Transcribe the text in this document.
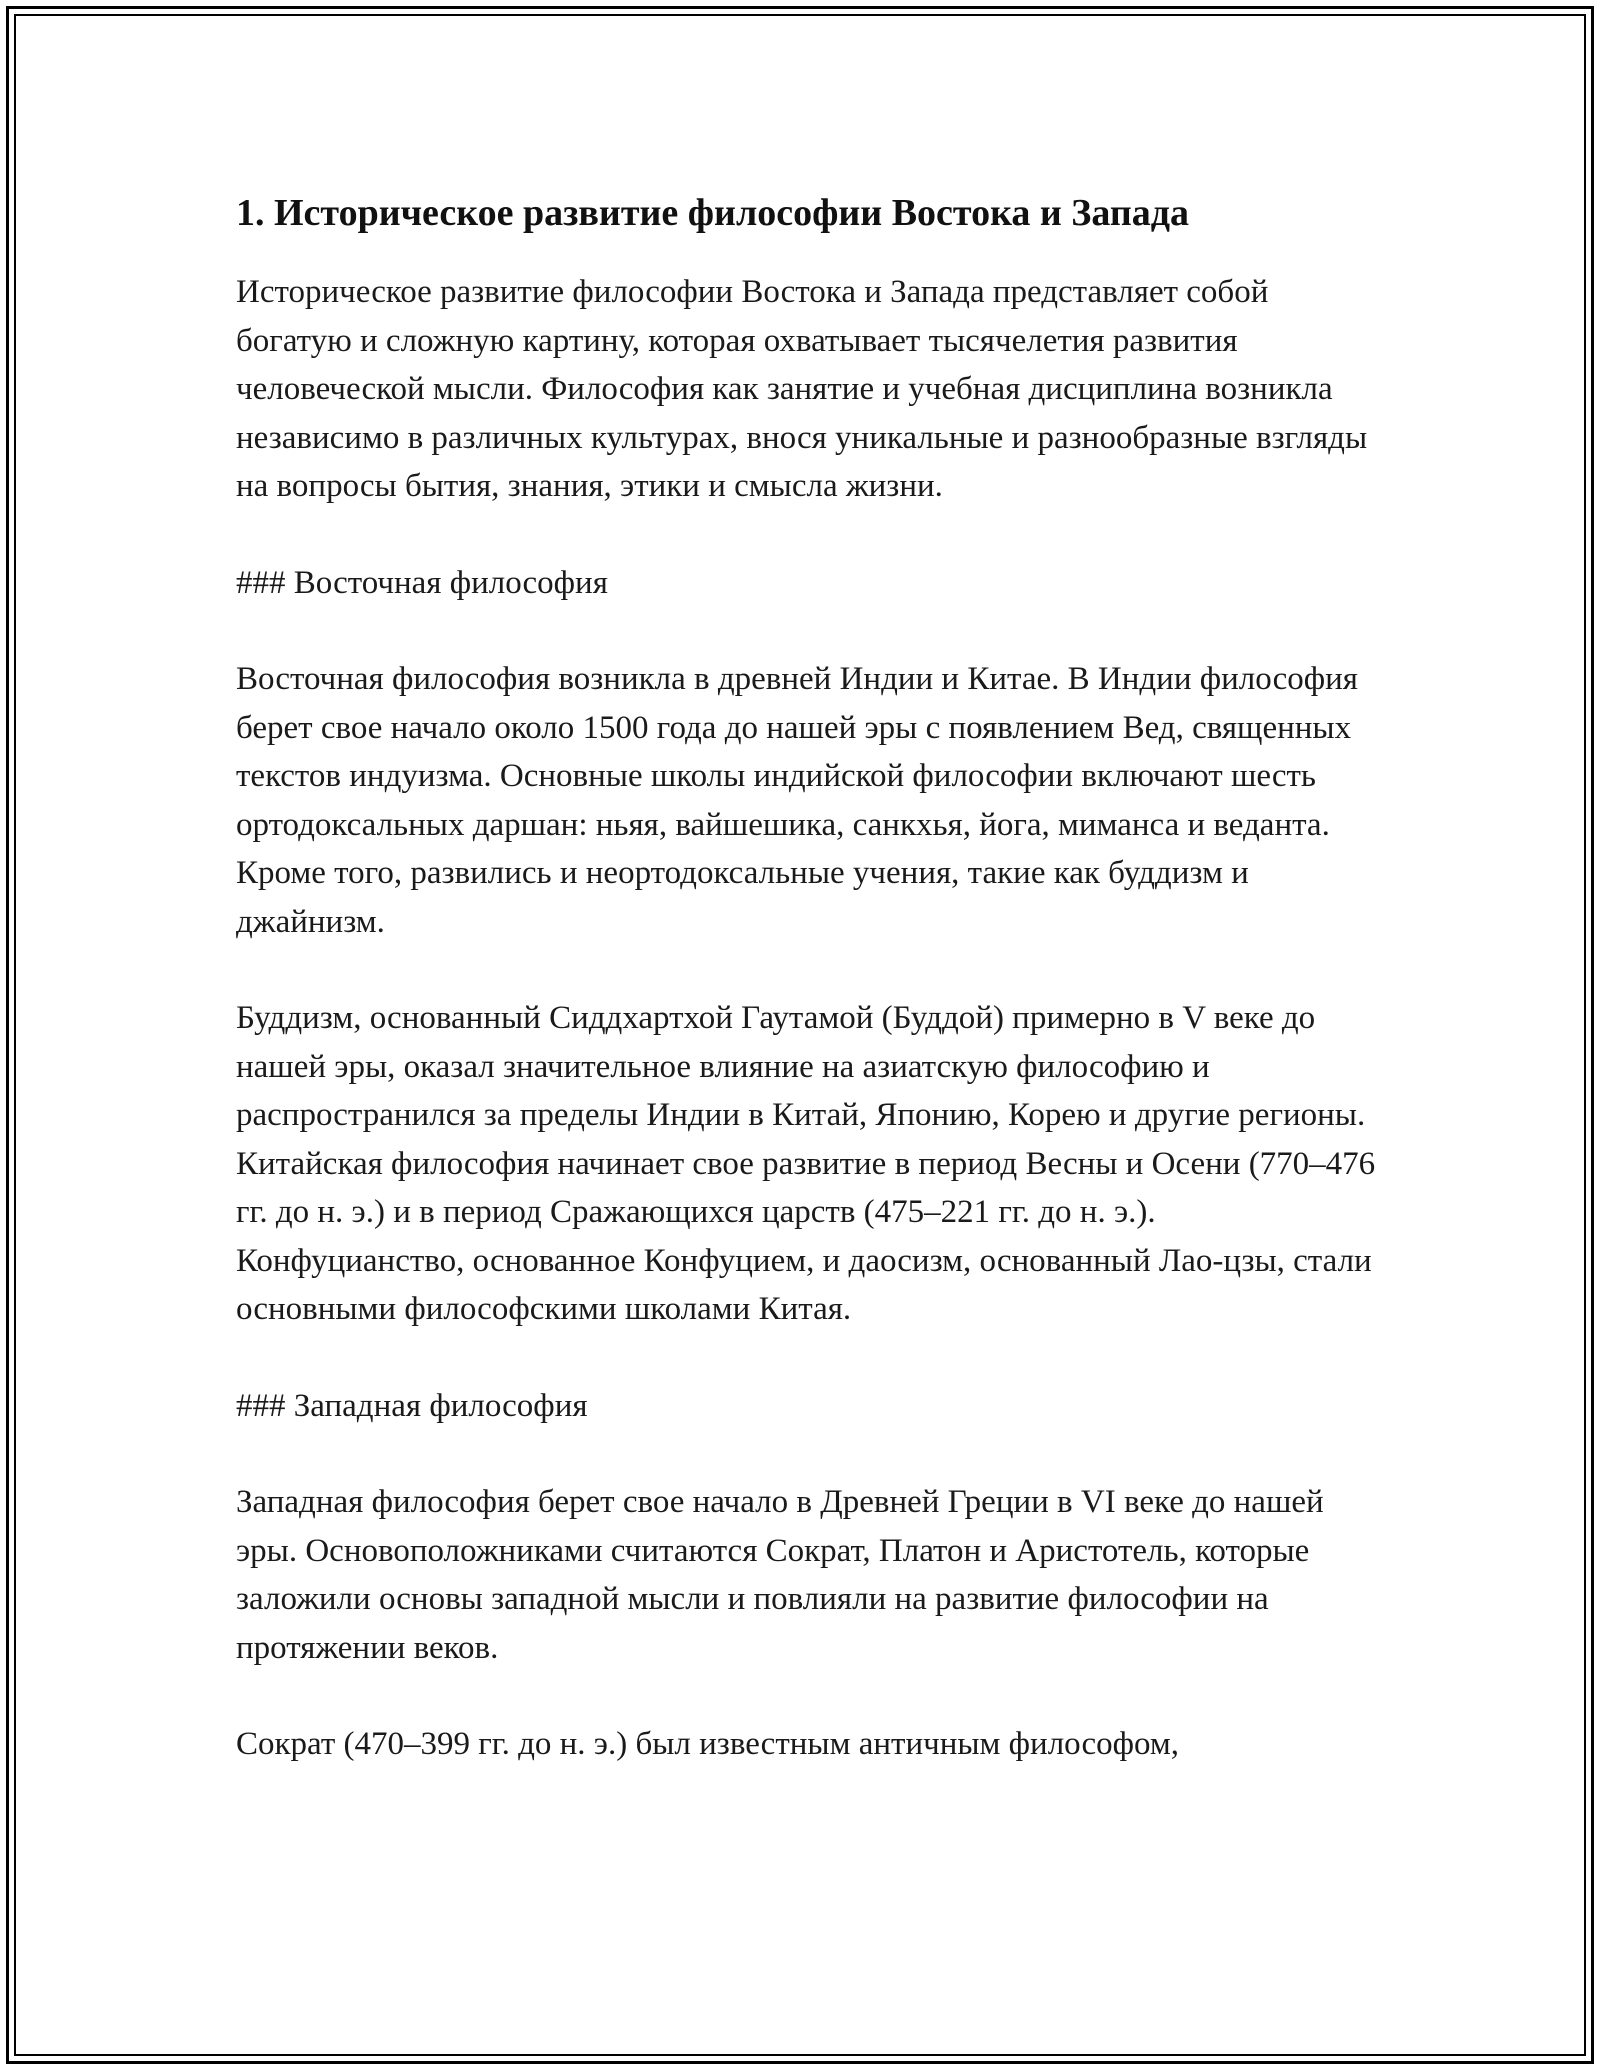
1. Историческое развитие философии Востока и Запада

Историческое развитие философии Востока и Запада представляет собой богатую и сложную картину, которая охватывает тысячелетия развития человеческой мысли. Философия как занятие и учебная дисциплина возникла независимо в различных культурах, внося уникальные и разнообразные взгляды на вопросы бытия, знания, этики и смысла жизни.

### Восточная философия

Восточная философия возникла в древней Индии и Китае. В Индии философия берет свое начало около 1500 года до нашей эры с появлением Вед, священных текстов индуизма. Основные школы индийской философии включают шесть ортодоксальных даршан: ньяя, вайшешика, санкхья, йога, миманса и веданта. Кроме того, развились и неортодоксальные учения, такие как буддизм и джайнизм.

Буддизм, основанный Сиддхартхой Гаутамой (Буддой) примерно в V веке до нашей эры, оказал значительное влияние на азиатскую философию и распространился за пределы Индии в Китай, Японию, Корею и другие регионы. Китайская философия начинает свое развитие в период Весны и Осени (770–476 гг. до н. э.) и в период Сражающихся царств (475–221 гг. до н. э.). Конфуцианство, основанное Конфуцием, и даосизм, основанный Лао-цзы, стали основными философскими школами Китая.

### Западная философия

Западная философия берет свое начало в Древней Греции в VI веке до нашей эры. Основоположниками считаются Сократ, Платон и Аристотель, которые заложили основы западной мысли и повлияли на развитие философии на протяжении веков.

Сократ (470–399 гг. до н. э.) был известным античным философом,
